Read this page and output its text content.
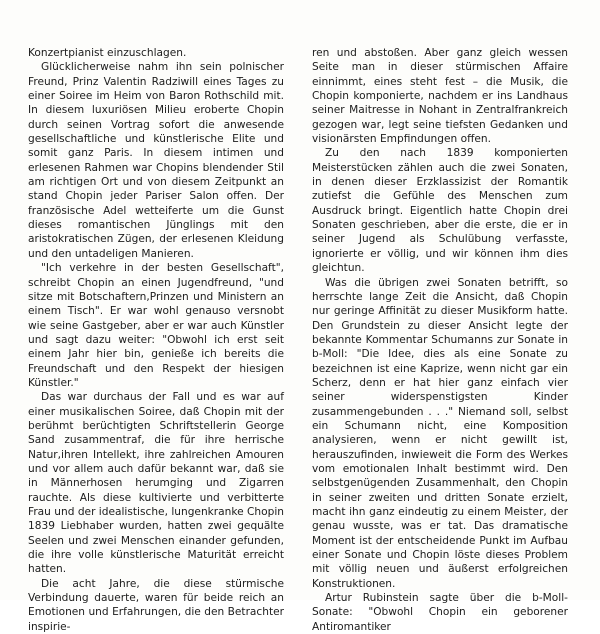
Konzertpianist einzuschlagen.

Glücklicherweise nahm ihn sein polnischer Freund, Prinz Valentin Radziwill eines Tages zu einer Soiree im Heim von Baron Rothschild mit. In diesem luxuriösen Milieu eroberte Chopin durch seinen Vortrag sofort die anwesende gesellschaftliche und künstlerische Elite und somit ganz Paris. In diesem intimen und erlesenen Rahmen war Chopins blendender Stil am richtigen Ort und von diesem Zeitpunkt an stand Chopin jeder Pariser Salon offen. Der französische Adel wetteiferte um die Gunst dieses romantischen Jünglings mit den aristokratischen Zügen, der erlesenen Kleidung und den untadeligen Manieren.

"Ich verkehre in der besten Gesellschaft", schreibt Chopin an einen Jugendfreund, "und sitze mit Botschaftern,Prinzen und Ministern an einem Tisch". Er war wohl genauso versnobt wie seine Gastgeber, aber er war auch Künstler und sagt dazu weiter: "Obwohl ich erst seit einem Jahr hier bin, genieße ich bereits die Freundschaft und den Respekt der hiesigen Künstler."

Das war durchaus der Fall und es war auf einer musikalischen Soiree, daß Chopin mit der berühmt berüchtigten Schriftstellerin George Sand zusammentraf, die für ihre herrische Natur,ihren Intellekt, ihre zahlreichen Amouren und vor allem auch dafür bekannt war, daß sie in Männerhosen herumging und Zigarren rauchte. Als diese kultivierte und verbitterte Frau und der idealistische, lungenkranke Chopin 1839 Liebhaber wurden, hatten zwei gequälte Seelen und zwei Menschen einander gefunden, die ihre volle künstlerische Maturität erreicht hatten.

Die acht Jahre, die diese stürmische Verbindung dauerte, waren für beide reich an Emotionen und Erfahrungen, die den Betrachter inspirie-

ren und abstoßen. Aber ganz gleich wessen Seite man in dieser stürmischen Affaire einnimmt, eines steht fest – die Musik, die Chopin komponierte, nachdem er ins Landhaus seiner Maitresse in Nohant in Zentralfrankreich gezogen war, legt seine tiefsten Gedanken und visionärsten Empfindungen offen.

Zu den nach 1839 komponierten Meisterstücken zählen auch die zwei Sonaten, in denen dieser Erzklassizist der Romantik zutiefst die Gefühle des Menschen zum Ausdruck bringt. Eigentlich hatte Chopin drei Sonaten geschrieben, aber die erste, die er in seiner Jugend als Schulübung verfasste, ignorierte er völlig, und wir können ihm dies gleichtun.

Was die übrigen zwei Sonaten betrifft, so herrschte lange Zeit die Ansicht, daß Chopin nur geringe Affinität zu dieser Musikform hatte. Den Grundstein zu dieser Ansicht legte der bekannte Kommentar Schumanns zur Sonate in b-Moll: "Die Idee, dies als eine Sonate zu bezeichnen ist eine Kaprize, wenn nicht gar ein Scherz, denn er hat hier ganz einfach vier seiner widerspenstigsten Kinder zusammengebunden . . ." Niemand soll, selbst ein Schumann nicht, eine Komposition analysieren, wenn er nicht gewillt ist, herauszufinden, inwieweit die Form des Werkes vom emotionalen Inhalt bestimmt wird. Den selbstgenügenden Zusammenhalt, den Chopin in seiner zweiten und dritten Sonate erzielt, macht ihn ganz eindeutig zu einem Meister, der genau wusste, was er tat. Das dramatische Moment ist der entscheidende Punkt im Aufbau einer Sonate und Chopin löste dieses Problem mit völlig neuen und äußerst erfolgreichen Konstruktionen.

Artur Rubinstein sagte über die b-Moll-Sonate: "Obwohl Chopin ein geborener Antiromantiker
